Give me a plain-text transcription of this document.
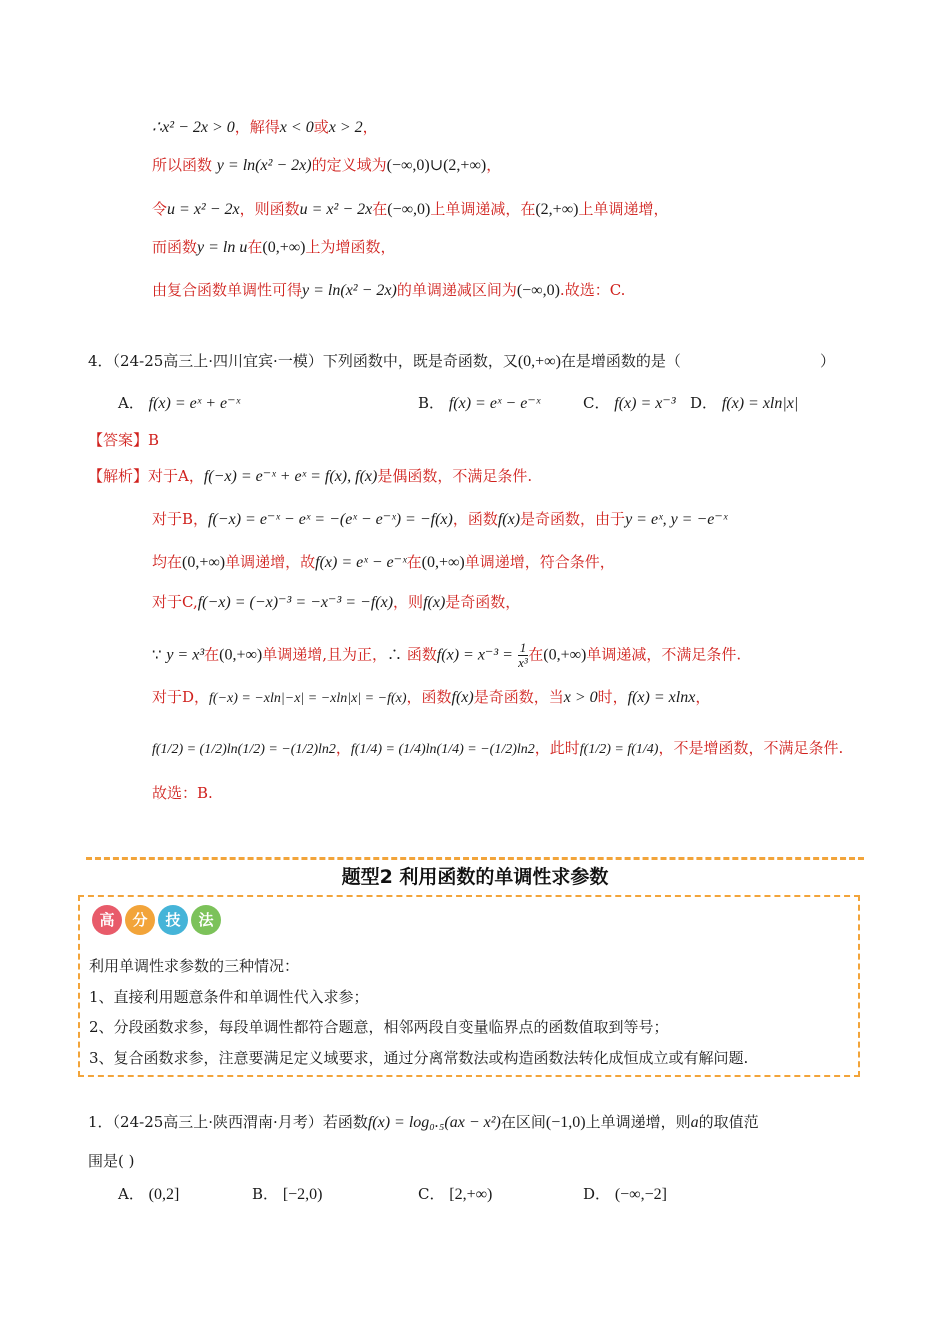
∴x² − 2x > 0，解得x < 0或x > 2，
所以函数 y = ln(x² − 2x)的定义域为(−∞,0)∪(2,+∞)，
令u = x² − 2x，则函数u = x² − 2x在(−∞,0)上单调递减，在(2,+∞)上单调递增，
而函数y = ln u在(0,+∞)上为增函数，
由复合函数单调性可得y = ln(x² − 2x)的单调递减区间为(−∞,0).故选：C.
4．（24-25高三上·四川宜宾·一模）下列函数中，既是奇函数，又(0,+∞)在是增函数的是（	）
A． f(x) = eˣ + e⁻ˣ	B． f(x) = eˣ − e⁻ˣ	C． f(x) = x⁻³ D． f(x) = xln|x|
【答案】B
【解析】对于A，f(−x) = e⁻ˣ + eˣ = f(x), f(x)是偶函数，不满足条件.
对于B，f(−x) = e⁻ˣ − eˣ = −(eˣ − e⁻ˣ) = −f(x)，函数f(x)是奇函数，由于y = eˣ, y = −e⁻ˣ
均在(0,+∞)单调递增，故f(x) = eˣ − e⁻ˣ在(0,+∞)单调递增，符合条件，
对于C,f(−x) = (−x)⁻³ = −x⁻³ = −f(x)，则f(x)是奇函数，
∵ y = x³在(0,+∞)单调递增,且为正，∴ 函数$f(x) = x^{-3} = \frac{1}{\text{x³}}$ 在(0,+∞)单调递减，不满足条件.
对于D，f(−x) = −xln|−x| = −xln|x| = −f(x)，函数f(x)是奇函数，当x > 0时，f(x) = xlnx，
f(1/2) = (1/2)ln(1/2) = −(1/2)ln2，f(1/4) = (1/4)ln(1/4) = −(1/2)ln2，此时f(1/2) = f(1/4)，不是增函数，不满足条件.
故选：B.
题型2 利用函数的单调性求参数
高	分	技	法
利用单调性求参数的三种情况：
1、直接利用题意条件和单调性代入求参；
2、分段函数求参，每段单调性都符合题意，相邻两段自变量临界点的函数值取到等号；
3、复合函数求参，注意要满足定义域要求，通过分离常数法或构造函数法转化成恒成立或有解问题.
1．（24-25高三上·陕西渭南·月考）若函数f(x) = log₀.₅(ax − x²)在区间(−1,0)上单调递增，则a的取值范
围是( )
A． (0,2]	B． [−2,0)	C． [2,+∞)	D． (−∞,−2]
